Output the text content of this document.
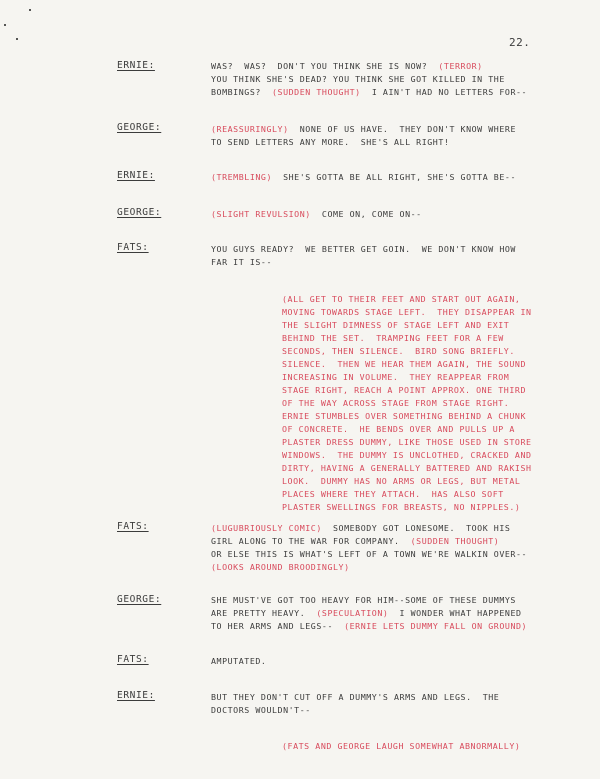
22.
ERNIE:	WAS?  WAS?  DON'T YOU THINK SHE IS NOW?  (TERROR)
YOU THINK SHE'S DEAD? YOU THINK SHE GOT KILLED IN THE
BOMBINGS?  (SUDDEN THOUGHT)  I AIN'T HAD NO LETTERS FOR--
GEORGE:	(REASSURINGLY)  NONE OF US HAVE.  THEY DON'T KNOW WHERE
TO SEND LETTERS ANY MORE.  SHE'S ALL RIGHT!
ERNIE:	(TREMBLING)  SHE'S GOTTA BE ALL RIGHT, SHE'S GOTTA BE--
GEORGE:	(SLIGHT REVULSION)  COME ON, COME ON--
FATS:	YOU GUYS READY?  WE BETTER GET GOIN.  WE DON'T KNOW HOW
FAR IT IS--
(ALL GET TO THEIR FEET AND START OUT AGAIN,
MOVING TOWARDS STAGE LEFT.  THEY DISAPPEAR IN
THE SLIGHT DIMNESS OF STAGE LEFT AND EXIT
BEHIND THE SET.  TRAMPING FEET FOR A FEW
SECONDS, THEN SILENCE.  BIRD SONG BRIEFLY.
SILENCE.  THEN WE HEAR THEM AGAIN, THE SOUND
INCREASING IN VOLUME.  THEY REAPPEAR FROM
STAGE RIGHT, REACH A POINT APPROX. ONE THIRD
OF THE WAY ACROSS STAGE FROM STAGE RIGHT.
ERNIE STUMBLES OVER SOMETHING BEHIND A CHUNK
OF CONCRETE.  HE BENDS OVER AND PULLS UP A
PLASTER DRESS DUMMY, LIKE THOSE USED IN STORE
WINDOWS.  THE DUMMY IS UNCLOTHED, CRACKED AND
DIRTY, HAVING A GENERALLY BATTERED AND RAKISH
LOOK.  DUMMY HAS NO ARMS OR LEGS, BUT METAL
PLACES WHERE THEY ATTACH.  HAS ALSO SOFT
PLASTER SWELLINGS FOR BREASTS, NO NIPPLES.)
FATS:	(LUGUBRIOUSLY COMIC)  SOMEBODY GOT LONESOME.  TOOK HIS
GIRL ALONG TO THE WAR FOR COMPANY.  (SUDDEN THOUGHT)
OR ELSE THIS IS WHAT'S LEFT OF A TOWN WE'RE WALKIN OVER--
(LOOKS AROUND BROODINGLY)
GEORGE:	SHE MUST'VE GOT TOO HEAVY FOR HIM--SOME OF THESE DUMMYS
ARE PRETTY HEAVY.  (SPECULATION)  I WONDER WHAT HAPPENED
TO HER ARMS AND LEGS--  (ERNIE LETS DUMMY FALL ON GROUND)
FATS:	AMPUTATED.
ERNIE:	BUT THEY DON'T CUT OFF A DUMMY'S ARMS AND LEGS.  THE
DOCTORS WOULDN'T--
(FATS AND GEORGE LAUGH SOMEWHAT ABNORMALLY)
